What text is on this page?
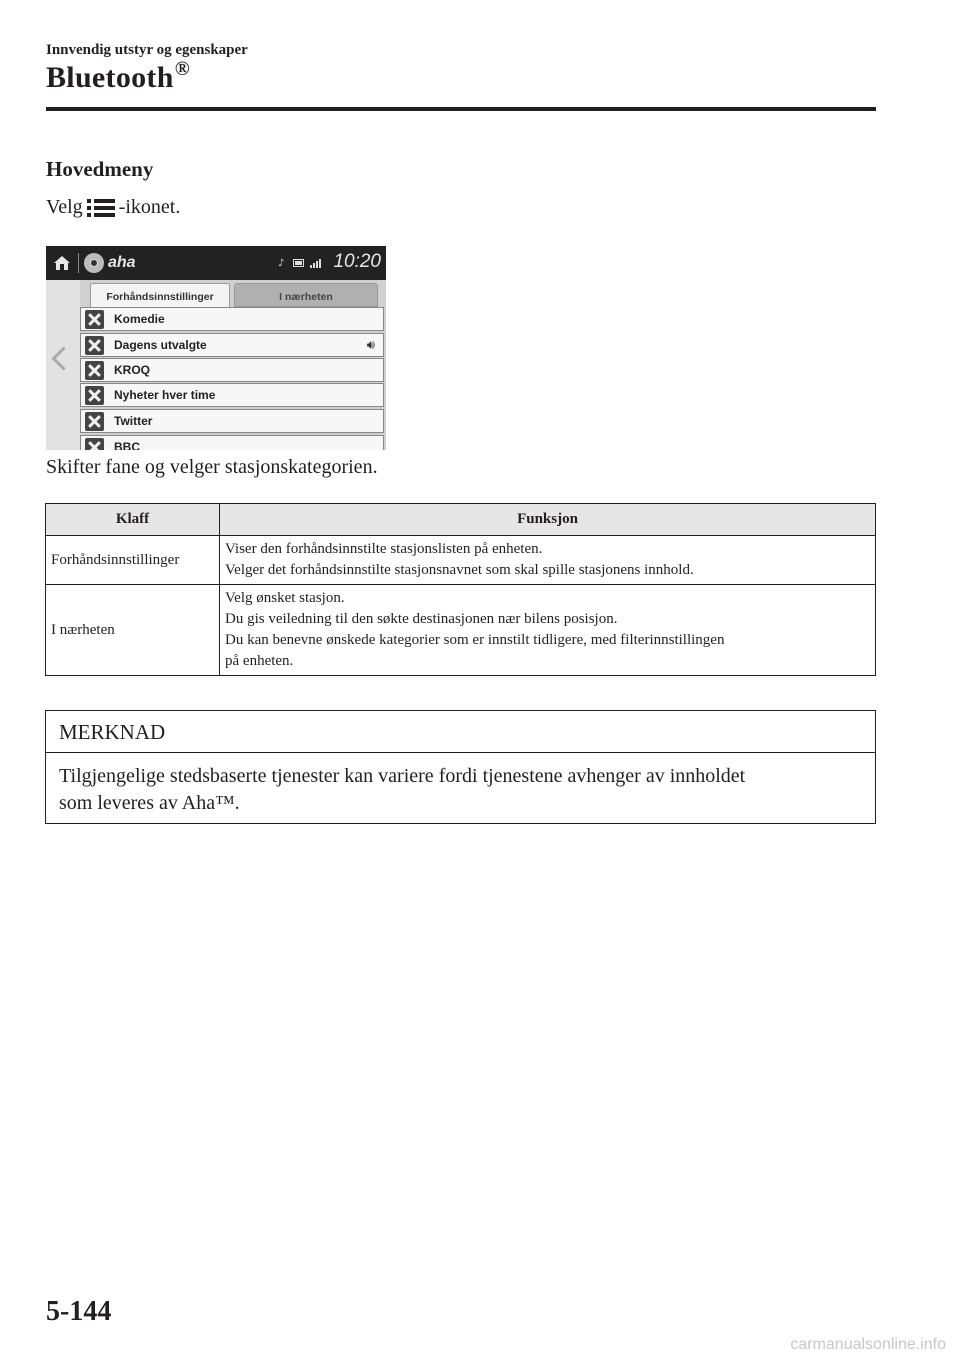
Innvendig utstyr og egenskaper
Bluetooth®
Hovedmeny
Velg -ikonet.
aha	♪	10:20
Forhåndsinnstillinger	I nærheten
Komedie
Dagens utvalgte	🔊︎
KROQ
Nyheter hver time
Twitter
BBC
Skifter fane og velger stasjonskategorien.
Klaff	Funksjon
Forhåndsinnstillinger	Viser den forhåndsinnstilte stasjonslisten på enheten.
Velger det forhåndsinnstilte stasjonsnavnet som skal spille stasjonens innhold.

I nærheten	Velg ønsket stasjon.
Du gis veiledning til den søkte destinasjonen nær bilens posisjon.
Du kan benevne ønskede kategorier som er innstilt tidligere, med filterinnstillingen
på enheten.
MERKNAD
Tilgjengelige stedsbaserte tjenester kan variere fordi tjenestene avhenger av innholdet
som leveres av Aha™.
5-144
carmanualsonline.info
